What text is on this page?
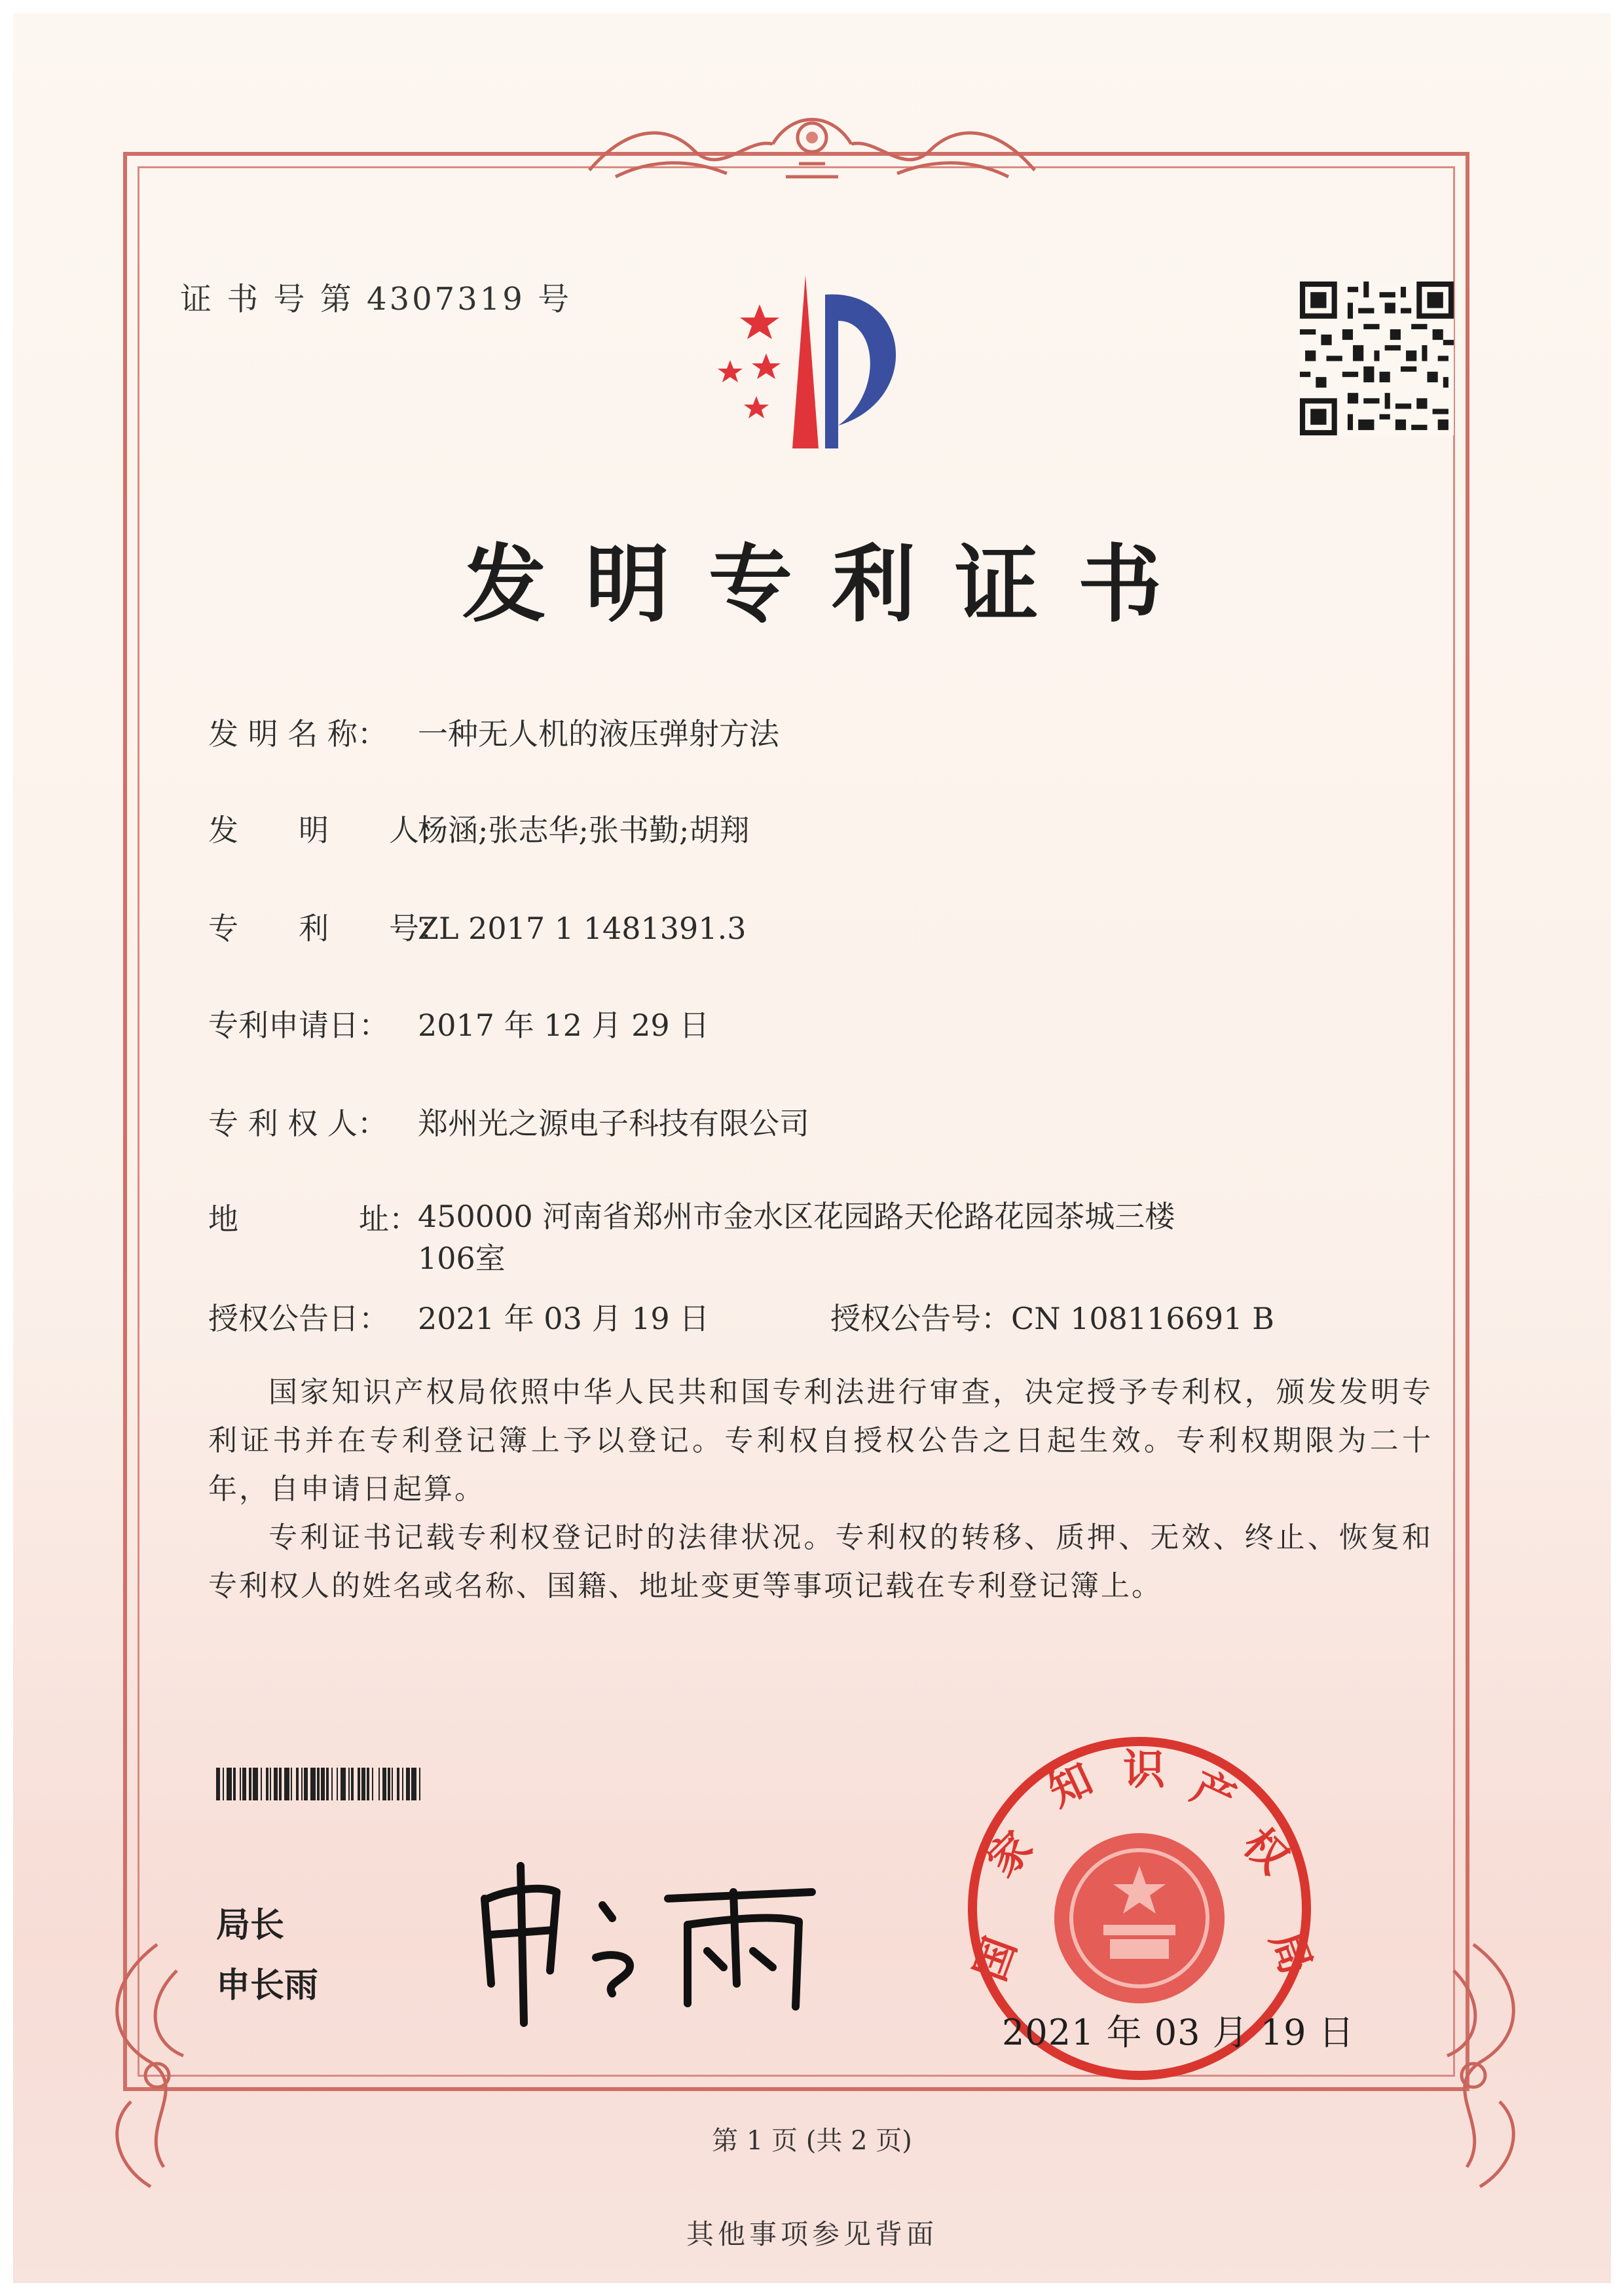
证 书 号 第 4307319 号
发明专利证书
发 明 名 称： 一种无人机的液压弹射方法
发　　明　　人：杨涵;张志华;张书勤;胡翔
专　　利　　号：ZL 2017 1 1481391.3
专利申请日： 2017 年 12 月 29 日
专 利 权 人： 郑州光之源电子科技有限公司
地　　　　址：450000 河南省郑州市金水区花园路天伦路花园茶城三楼 106室
授权公告日： 2021 年 03 月 19 日	授权公告号：CN 108116691 B

国家知识产权局依照中华人民共和国专利法进行审查，决定授予专利权，颁发发明专利证书并在专利登记簿上予以登记。专利权自授权公告之日起生效。专利权期限为二十年，自申请日起算。

专利证书记载专利权登记时的法律状况。专利权的转移、质押、无效、终止、恢复和专利权人的姓名或名称、国籍、地址变更等事项记载在专利登记簿上。

局长
申长雨	国
家
知 识 产
权
局
2021 年 03 月 19 日
第 1 页 (共 2 页)
其他事项参见背面
